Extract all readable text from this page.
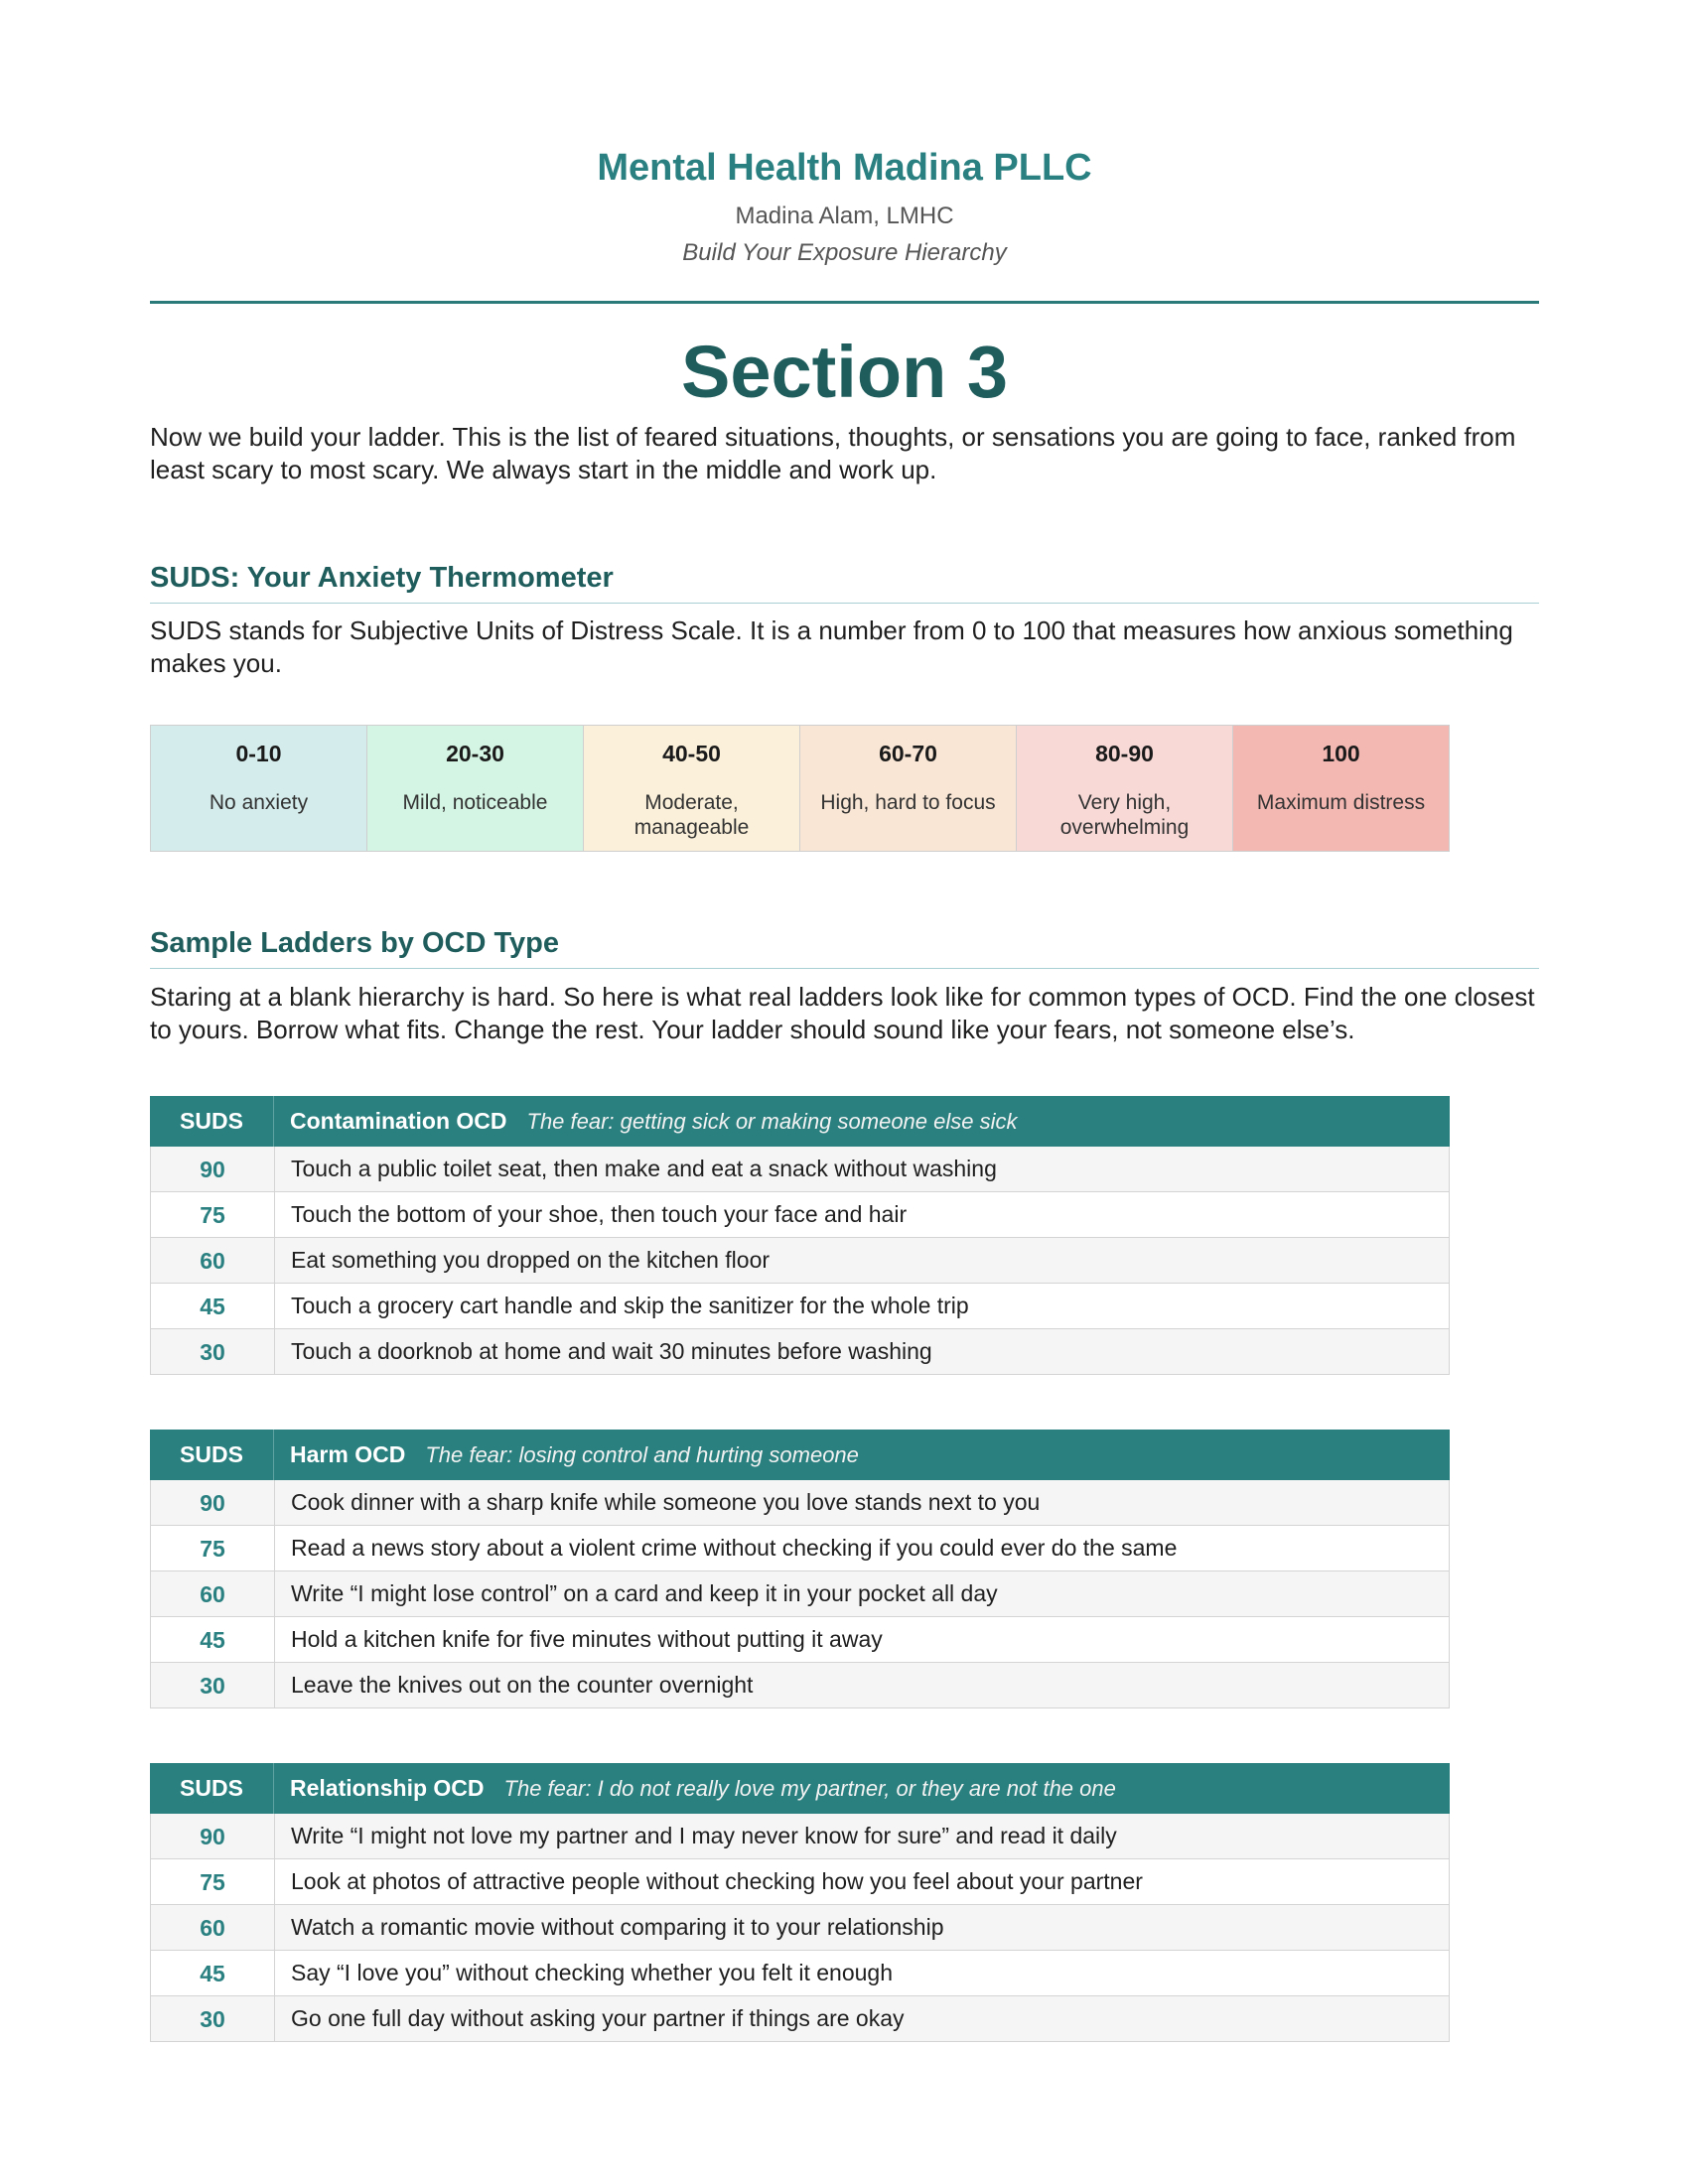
Mental Health Madina PLLC
Madina Alam, LMHC
Build Your Exposure Hierarchy
Section 3
Now we build your ladder. This is the list of feared situations, thoughts, or sensations you are going to face, ranked from least scary to most scary. We always start in the middle and work up.
SUDS: Your Anxiety Thermometer
SUDS stands for Subjective Units of Distress Scale. It is a number from 0 to 100 that measures how anxious something makes you.
0-10
No anxiety
20-30
Mild, noticeable
40-50
Moderate, manageable
60-70
High, hard to focus
80-90
Very high, overwhelming
100
Maximum distress
Sample Ladders by OCD Type
Staring at a blank hierarchy is hard. So here is what real ladders look like for common types of OCD. Find the one closest to yours. Borrow what fits. Change the rest. Your ladder should sound like your fears, not someone else’s.
SUDS	Contamination OCD The fear: getting sick or making someone else sick
90	Touch a public toilet seat, then make and eat a snack without washing
75	Touch the bottom of your shoe, then touch your face and hair
60	Eat something you dropped on the kitchen floor
45	Touch a grocery cart handle and skip the sanitizer for the whole trip
30	Touch a doorknob at home and wait 30 minutes before washing
SUDS	Harm OCD The fear: losing control and hurting someone
90	Cook dinner with a sharp knife while someone you love stands next to you
75	Read a news story about a violent crime without checking if you could ever do the same
60	Write “I might lose control” on a card and keep it in your pocket all day
45	Hold a kitchen knife for five minutes without putting it away
30	Leave the knives out on the counter overnight
SUDS	Relationship OCD The fear: I do not really love my partner, or they are not the one
90	Write “I might not love my partner and I may never know for sure” and read it daily
75	Look at photos of attractive people without checking how you feel about your partner
60	Watch a romantic movie without comparing it to your relationship
45	Say “I love you” without checking whether you felt it enough
30	Go one full day without asking your partner if things are okay
